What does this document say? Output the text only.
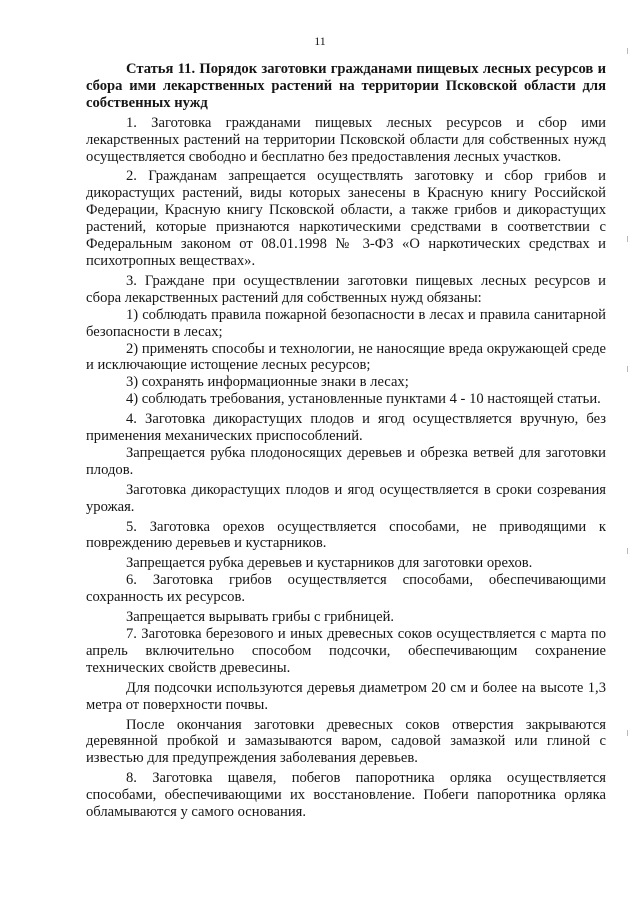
11
Статья 11. Порядок заготовки гражданами пищевых лесных ресурсов и сбора ими лекарственных растений на территории Псковской области для собственных нужд

1. Заготовка гражданами пищевых лесных ресурсов и сбор ими лекарственных растений на территории Псковской области для собственных нужд осуществляется свободно и бесплатно без предоставления лесных участков.

2. Гражданам запрещается осуществлять заготовку и сбор грибов и дикорастущих растений, виды которых занесены в Красную книгу Российской Федерации, Красную книгу Псковской области, а также грибов и дикорастущих растений, которые признаются наркотическими средствами в соответствии с Федеральным законом от 08.01.1998 № 3-ФЗ «О наркотических средствах и психотропных веществах».

3. Граждане при осуществлении заготовки пищевых лесных ресурсов и сбора лекарственных растений для собственных нужд обязаны:

1) соблюдать правила пожарной безопасности в лесах и правила санитарной безопасности в лесах;

2) применять способы и технологии, не наносящие вреда окружающей среде и исключающие истощение лесных ресурсов;

3) сохранять информационные знаки в лесах;

4) соблюдать требования, установленные пунктами 4 - 10 настоящей статьи.

4. Заготовка дикорастущих плодов и ягод осуществляется вручную, без применения механических приспособлений.

Запрещается рубка плодоносящих деревьев и обрезка ветвей для заготовки плодов.

Заготовка дикорастущих плодов и ягод осуществляется в сроки созревания урожая.

5. Заготовка орехов осуществляется способами, не приводящими к повреждению деревьев и кустарников.

Запрещается рубка деревьев и кустарников для заготовки орехов.

6. Заготовка грибов осуществляется способами, обеспечивающими сохранность их ресурсов.

Запрещается вырывать грибы с грибницей.

7. Заготовка березового и иных древесных соков осуществляется с марта по апрель включительно способом подсочки, обеспечивающим сохранение технических свойств древесины.

Для подсочки используются деревья диаметром 20 см и более на высоте 1,3 метра от поверхности почвы.

После окончания заготовки древесных соков отверстия закрываются деревянной пробкой и замазываются варом, садовой замазкой или глиной с известью для предупреждения заболевания деревьев.

8. Заготовка щавеля, побегов папоротника орляка осуществляется способами, обеспечивающими их восстановление. Побеги папоротника орляка обламываются у самого основания.
